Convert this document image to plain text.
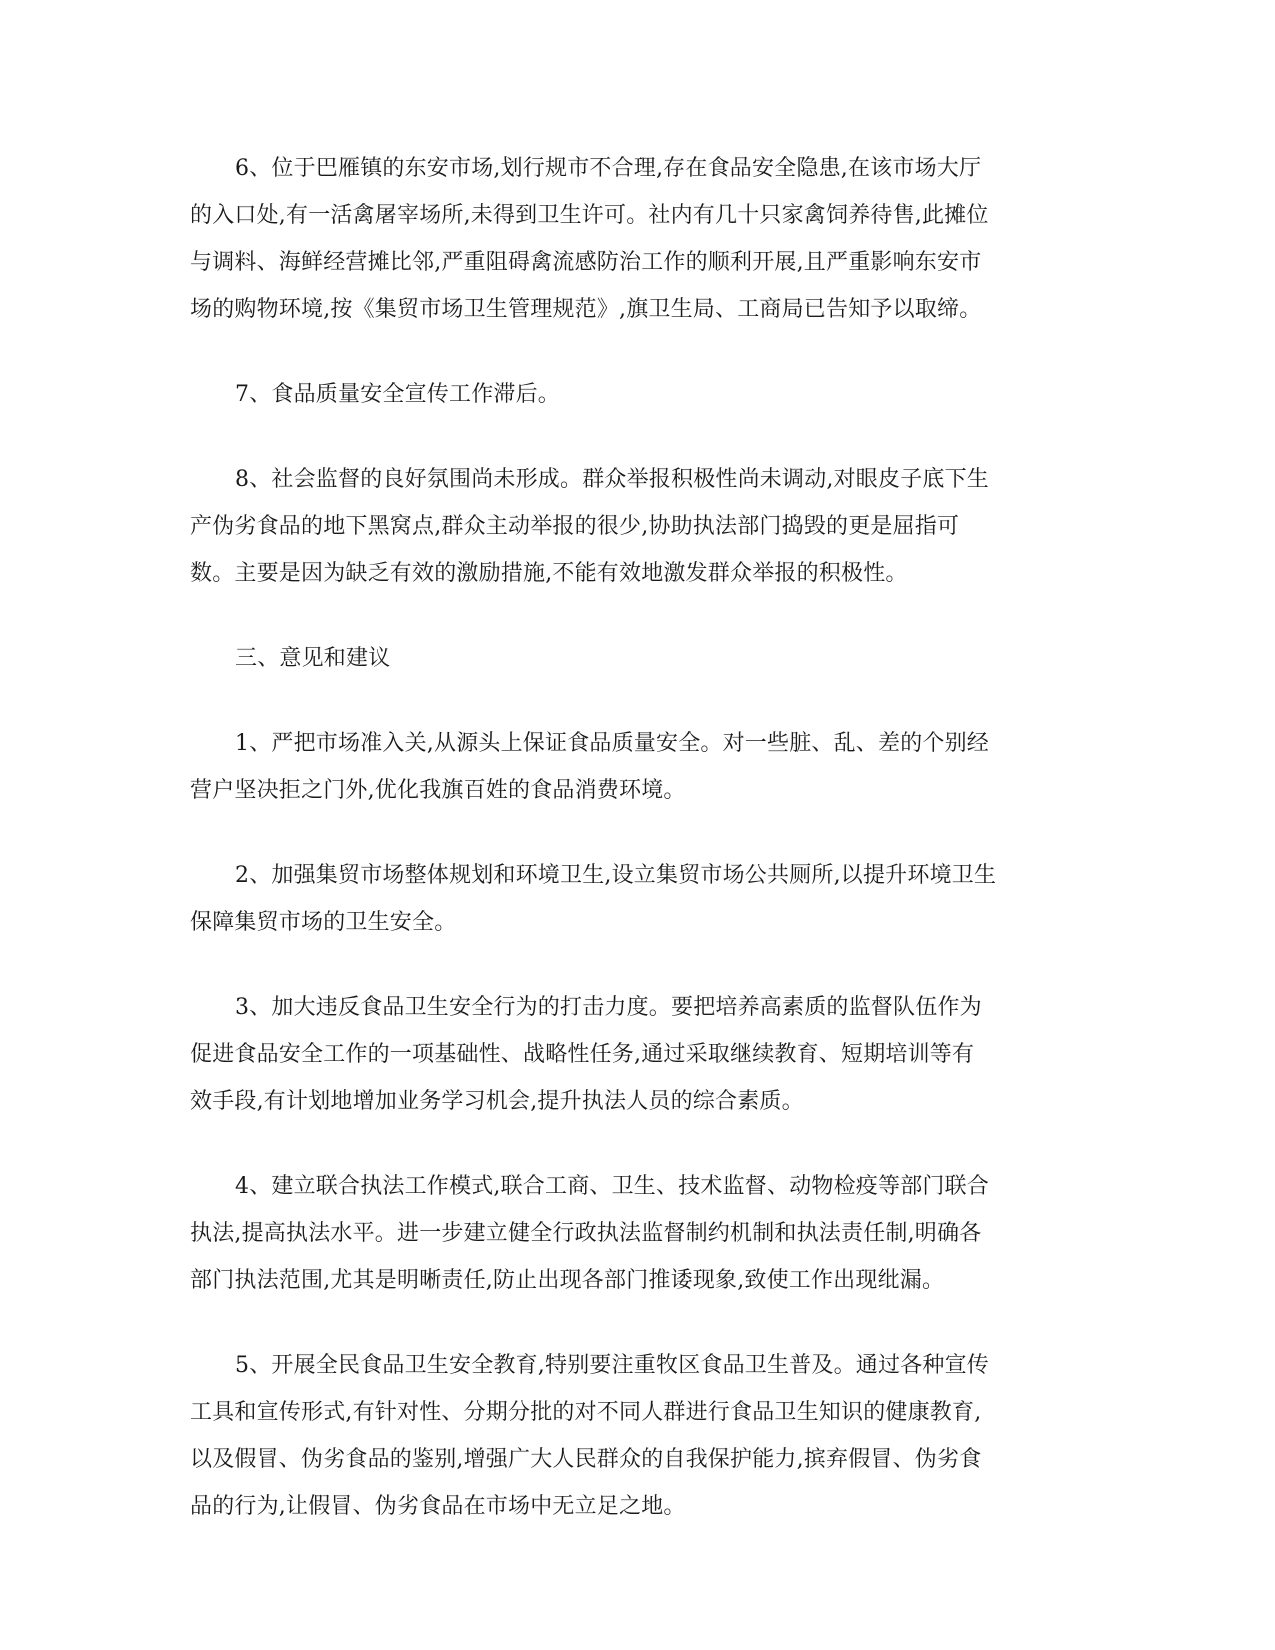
6、位于巴雁镇的东安市场,划行规市不合理,存在食品安全隐患,在该市场大厅
的入口处,有一活禽屠宰场所,未得到卫生许可。社内有几十只家禽饲养待售,此摊位
与调料、海鲜经营摊比邻,严重阻碍禽流感防治工作的顺利开展,且严重影响东安市
场的购物环境,按《集贸市场卫生管理规范》,旗卫生局、工商局已告知予以取缔。
7、食品质量安全宣传工作滞后。
8、社会监督的良好氛围尚未形成。群众举报积极性尚未调动,对眼皮子底下生
产伪劣食品的地下黑窝点,群众主动举报的很少,协助执法部门捣毁的更是屈指可
数。主要是因为缺乏有效的激励措施,不能有效地激发群众举报的积极性。
三、意见和建议
1、严把市场准入关,从源头上保证食品质量安全。对一些脏、乱、差的个别经
营户坚决拒之门外,优化我旗百姓的食品消费环境。
2、加强集贸市场整体规划和环境卫生,设立集贸市场公共厕所,以提升环境卫生
保障集贸市场的卫生安全。
3、加大违反食品卫生安全行为的打击力度。要把培养高素质的监督队伍作为
促进食品安全工作的一项基础性、战略性任务,通过采取继续教育、短期培训等有
效手段,有计划地增加业务学习机会,提升执法人员的综合素质。
4、建立联合执法工作模式,联合工商、卫生、技术监督、动物检疫等部门联合
执法,提高执法水平。进一步建立健全行政执法监督制约机制和执法责任制,明确各
部门执法范围,尤其是明晰责任,防止出现各部门推诿现象,致使工作出现纰漏。
5、开展全民食品卫生安全教育,特别要注重牧区食品卫生普及。通过各种宣传
工具和宣传形式,有针对性、分期分批的对不同人群进行食品卫生知识的健康教育,
以及假冒、伪劣食品的鉴别,增强广大人民群众的自我保护能力,摈弃假冒、伪劣食
品的行为,让假冒、伪劣食品在市场中无立足之地。
